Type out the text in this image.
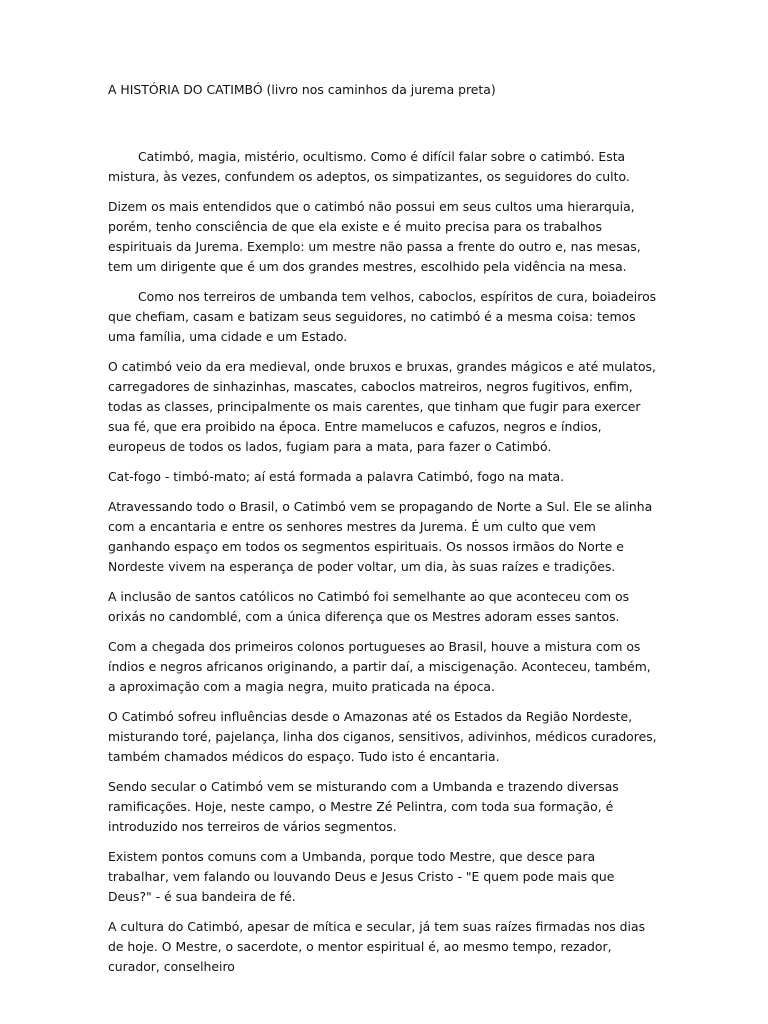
A HISTÓRIA DO CATIMBÓ (livro nos caminhos da jurema preta)

Catimbó, magia, mistério, ocultismo. Como é difícil falar sobre o catimbó. Esta mistura, às vezes, confundem os adeptos, os simpatizantes, os seguidores do culto.

Dizem os mais entendidos que o catimbó não possui em seus cultos uma hierarquia, porém, tenho consciência de que ela existe e é muito precisa para os trabalhos espirituais da Jurema. Exemplo: um mestre não passa a frente do outro e, nas mesas, tem um dirigente que é um dos grandes mestres, escolhido pela vidência na mesa.

Como nos terreiros de umbanda tem velhos, caboclos, espíritos de cura, boiadeiros que chefiam, casam e batizam seus seguidores, no catimbó é a mesma coisa: temos uma família, uma cidade e um Estado.

O catimbó veio da era medieval, onde bruxos e bruxas, grandes mágicos e até mulatos, carregadores de sinhazinhas, mascates, caboclos matreiros, negros fugitivos, enfim, todas as classes, principalmente os mais carentes, que tinham que fugir para exercer sua fé, que era proibido na época. Entre mamelucos e cafuzos, negros e índios, europeus de todos os lados, fugiam para a mata, para fazer o Catimbó.

Cat-fogo - timbó-mato; aí está formada a palavra Catimbó, fogo na mata.

Atravessando todo o Brasil, o Catimbó vem se propagando de Norte a Sul. Ele se alinha com a encantaria e entre os senhores mestres da Jurema. É um culto que vem ganhando espaço em todos os segmentos espirituais. Os nossos irmãos do Norte e Nordeste vivem na esperança de poder voltar, um dia, às suas raízes e tradições.

A inclusão de santos católicos no Catimbó foi semelhante ao que aconteceu com os orixás no candomblé, com a única diferença que os Mestres adoram esses santos.

Com a chegada dos primeiros colonos portugueses ao Brasil, houve a mistura com os índios e negros africanos originando, a partir daí, a miscigenação. Aconteceu, também, a aproximação com a magia negra, muito praticada na época.

O Catimbó sofreu influências desde o Amazonas até os Estados da Região Nordeste, misturando toré, pajelança, linha dos ciganos, sensitivos, adivinhos, médicos curadores, também chamados médicos do espaço. Tudo isto é encantaria.

Sendo secular o Catimbó vem se misturando com a Umbanda e trazendo diversas ramificações. Hoje, neste campo, o Mestre Zé Pelintra, com toda sua formação, é introduzido nos terreiros de vários segmentos.

Existem pontos comuns com a Umbanda, porque todo Mestre, que desce para trabalhar, vem falando ou louvando Deus e Jesus Cristo - "E quem pode mais que Deus?" - é sua bandeira de fé.

A cultura do Catimbó, apesar de mítica e secular, já tem suas raízes firmadas nos dias de hoje. O Mestre, o sacerdote, o mentor espiritual é, ao mesmo tempo, rezador, curador, conselheiro
